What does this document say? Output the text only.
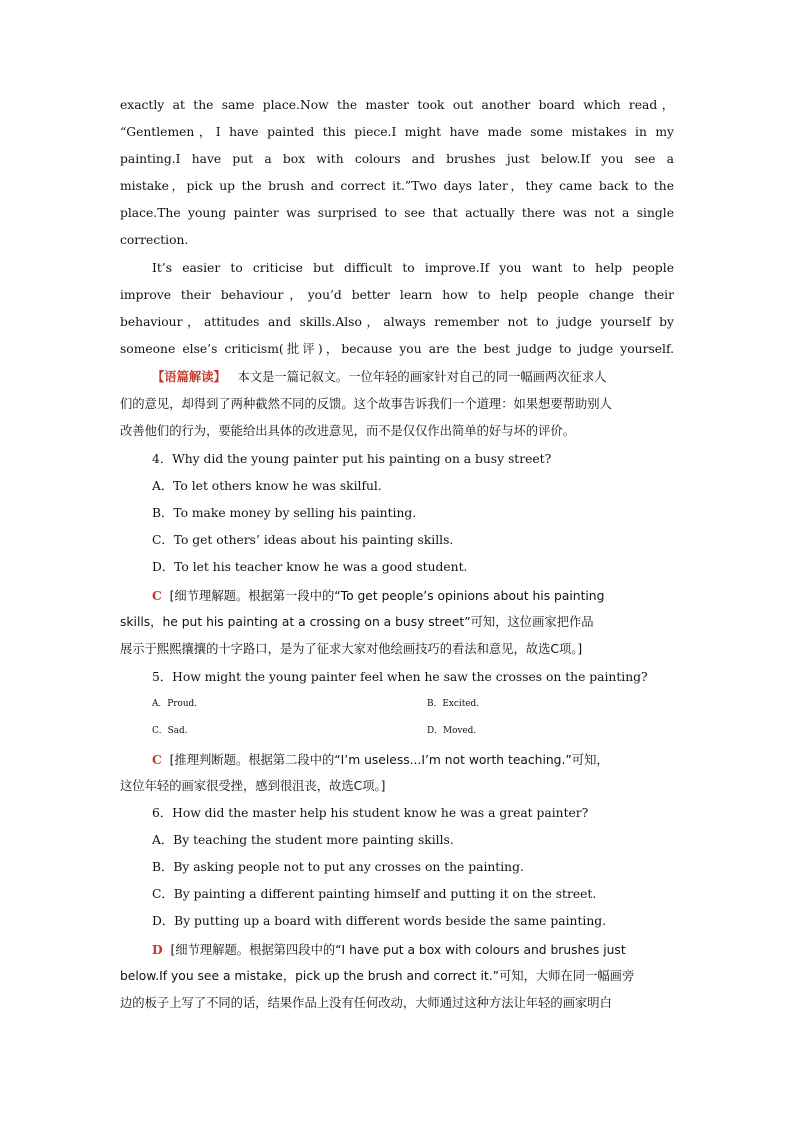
exactly at the same place.Now the master took out another board which read，
“Gentlemen，I have painted this piece.I might have made some mistakes in my
painting.I have put a box with colours and brushes just below.If you see a
mistake，pick up the brush and correct it.”Two days later，they came back to the
place.The young painter was surprised to see that actually there was not a single
correction.
It’s easier to criticise but difficult to improve.If you want to help people
improve their behaviour，you’d better learn how to help people change their
behaviour，attitudes and skills.Also，always remember not to judge yourself by
someone else’s criticism(批评)，because you are the best judge to judge yourself.
【语篇解读】 本文是一篇记叙文。一位年轻的画家针对自己的同一幅画两次征求人
们的意见，却得到了两种截然不同的反馈。这个故事告诉我们一个道理：如果想要帮助别人
改善他们的行为，要能给出具体的改进意见，而不是仅仅作出简单的好与坏的评价。
4．Why did the young painter put his painting on a busy street?
A．To let others know he was skilful.
B．To make money by selling his painting.
C．To get others’ ideas about his painting skills.
D．To let his teacher know he was a good student.
C [细节理解题。根据第一段中的“To get people’s opinions about his painting
skills，he put his painting at a crossing on a busy street”可知，这位画家把作品
展示于熙熙攘攘的十字路口，是为了征求大家对他绘画技巧的看法和意见，故选C项。]
5．How might the young painter feel when he saw the crosses on the painting?
A．Proud.	B．Excited.
C．Sad.	D．Moved.
C [推理判断题。根据第二段中的“I’m useless...I’m not worth teaching.”可知，
这位年轻的画家很受挫，感到很沮丧，故选C项。]
6．How did the master help his student know he was a great painter?
A．By teaching the student more painting skills.
B．By asking people not to put any crosses on the painting.
C．By painting a different painting himself and putting it on the street.
D．By putting up a board with different words beside the same painting.
D [细节理解题。根据第四段中的“I have put a box with colours and brushes just
below.If you see a mistake，pick up the brush and correct it.”可知，大师在同一幅画旁
边的板子上写了不同的话，结果作品上没有任何改动，大师通过这种方法让年轻的画家明白
